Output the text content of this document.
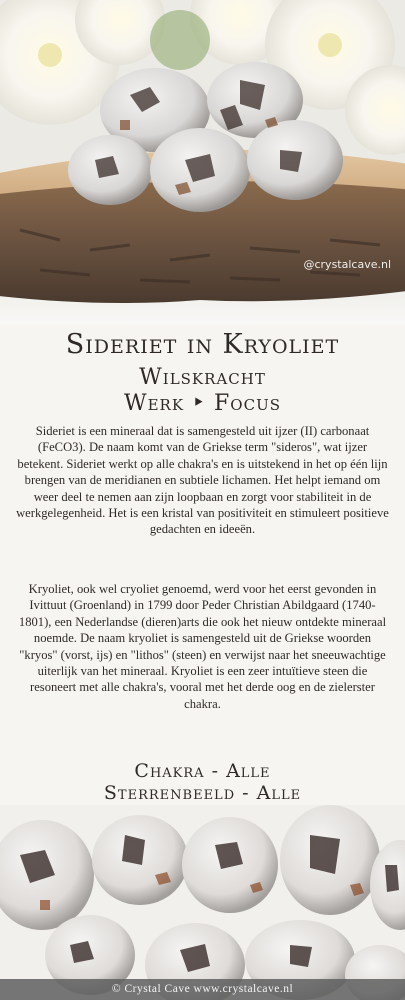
@crystalcave.nl
Sideriet in Kryoliet
Wilskracht
Werk ‣ Focus

Sideriet is een mineraal dat is samengesteld uit ijzer (II) carbonaat (FeCO3). De naam komt van de Griekse term "sideros", wat ijzer betekent. Sideriet werkt op alle chakra's en is uitstekend in het op één lijn brengen van de meridianen en subtiele lichamen. Het helpt iemand om weer deel te nemen aan zijn loopbaan en zorgt voor stabiliteit in de werkgelegenheid. Het is een kristal van positiviteit en stimuleert positieve gedachten en ideeën.

Kryoliet, ook wel cryoliet genoemd, werd voor het eerst gevonden in Ivittuut (Groenland) in 1799 door Peder Christian Abildgaard (1740-1801), een Nederlandse (dieren)arts die ook het nieuw ontdekte mineraal noemde. De naam kryoliet is samengesteld uit de Griekse woorden "kryos" (vorst, ijs) en "lithos" (steen) en verwijst naar het sneeuwachtige uiterlijk van het mineraal. Kryoliet is een zeer intuïtieve steen die resoneert met alle chakra's, vooral met het derde oog en de zielerster chakra.

Chakra - Alle
Sterrenbeeld - Alle
© Crystal Cave www.crystalcave.nl
